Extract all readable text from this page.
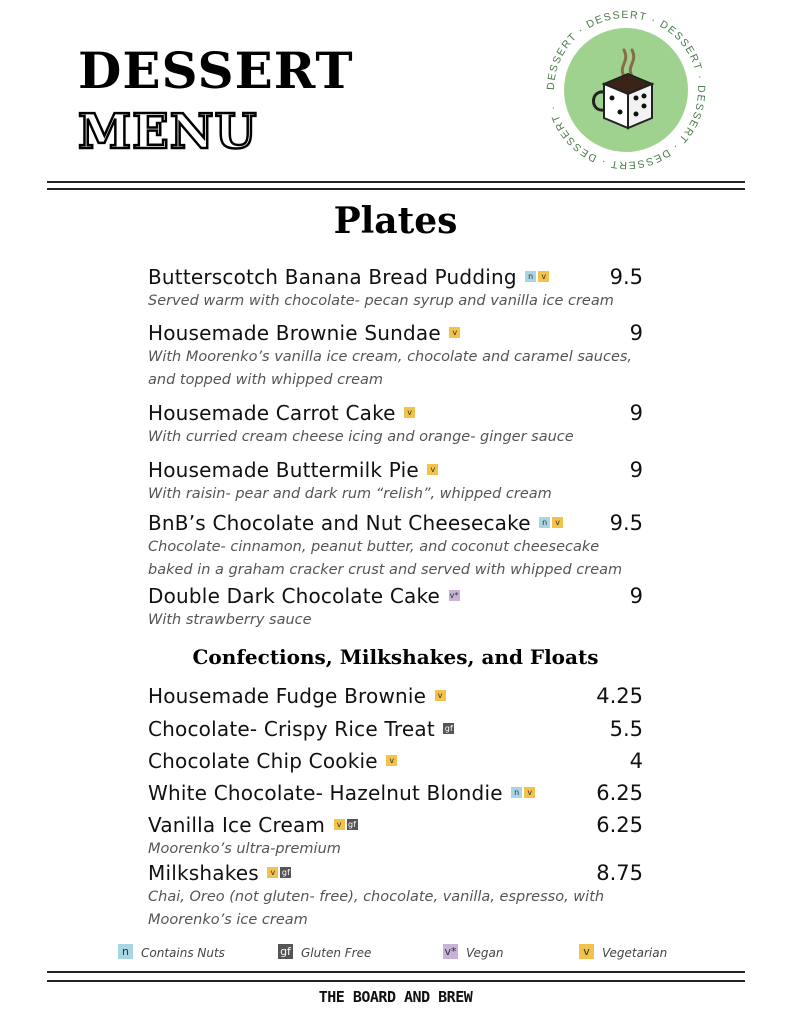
DESSERT
MENU
DESSERT · DESSERT · DESSERT · DESSERT · DESSERT · DESSERT ·
Plates
Butterscotch Banana Bread Pudding n v	9.5
Served warm with chocolate- pecan syrup and vanilla ice cream
Housemade Brownie Sundae v	9
With Moorenko’s vanilla ice cream, chocolate and caramel sauces,
and topped with whipped cream
Housemade Carrot Cake v	9
With curried cream cheese icing and orange- ginger sauce
Housemade Buttermilk Pie v	9
With raisin- pear and dark rum “relish”, whipped cream
BnB’s Chocolate and Nut Cheesecake n v	9.5
Chocolate- cinnamon, peanut butter, and coconut cheesecake
baked in a graham cracker crust and served with whipped cream
Double Dark Chocolate Cake v*	9
With strawberry sauce
Confections, Milkshakes, and Floats
Housemade Fudge Brownie v	4.25
Chocolate- Crispy Rice Treat gf	5.5
Chocolate Chip Cookie v	4
White Chocolate- Hazelnut Blondie n v	6.25
Vanilla Ice Cream v gf	6.25
Moorenko’s ultra-premium
Milkshakes v gf	8.75
Chai, Oreo (not gluten- free), chocolate, vanilla, espresso, with
Moorenko’s ice cream
n Contains Nuts	gf Gluten Free	v* Vegan	v Vegetarian
THE BOARD AND BREW
